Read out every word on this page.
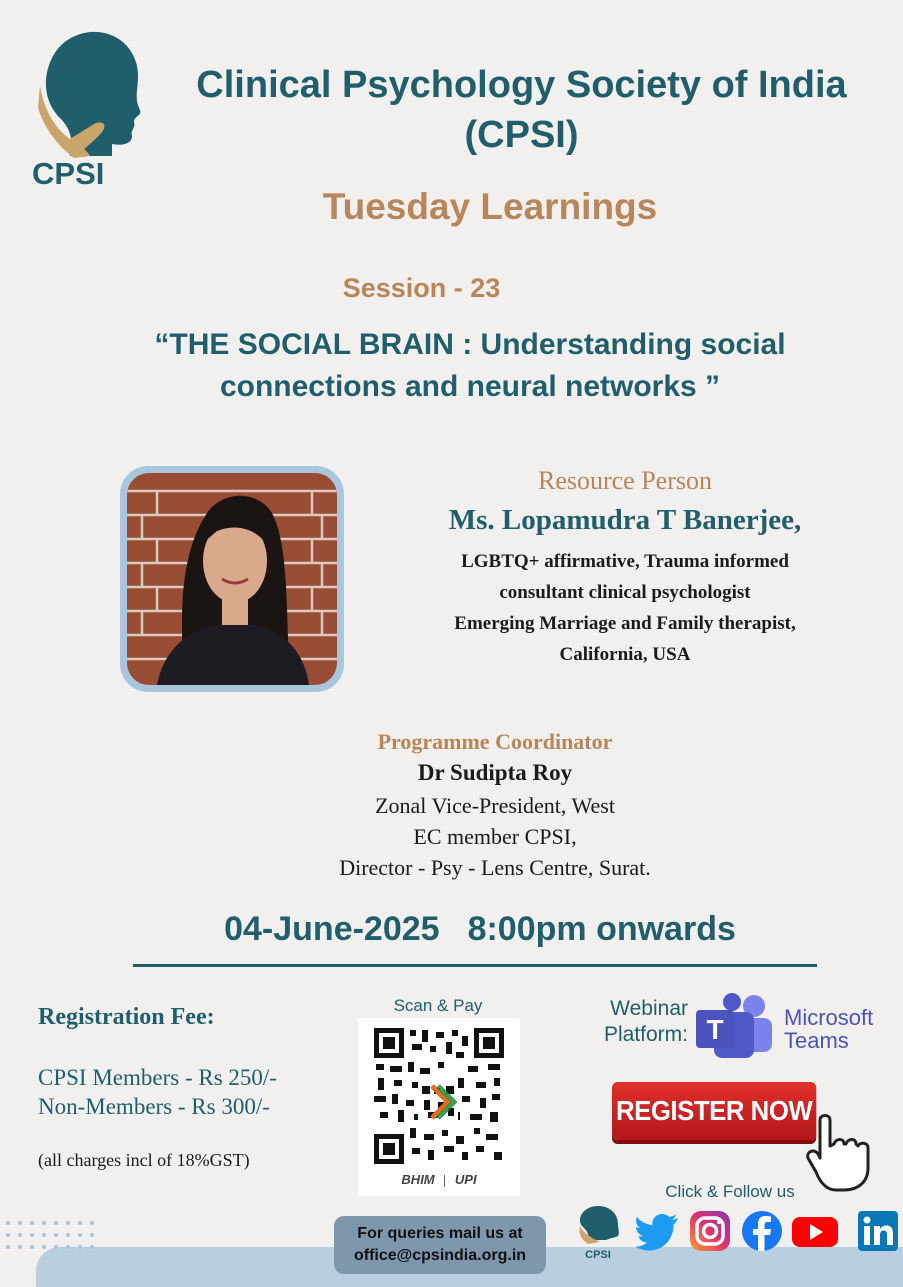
CPSI
Clinical Psychology Society of India (CPSI)
Tuesday Learnings
Session - 23
“THE SOCIAL BRAIN : Understanding social connections and neural networks ”
Resource Person
Ms. Lopamudra T Banerjee,
LGBTQ+ affirmative, Trauma informed
consultant clinical psychologist
Emerging Marriage and Family therapist,
California, USA
Programme Coordinator
Dr Sudipta Roy
Zonal Vice-President, West
EC member CPSI,
Director - Psy - Lens Centre, Surat.
04-June-2025 8:00pm onwards
Registration Fee:
CPSI Members - Rs 250/-
Non-Members - Rs 300/-
(all charges incl of 18%GST)
Scan & Pay
BHIM UPI
Webinar
Platform: T	Microsoft
Teams
REGISTER NOW
Click & Follow us
For queries mail us at
office@cpsindia.org.in	CPSI
